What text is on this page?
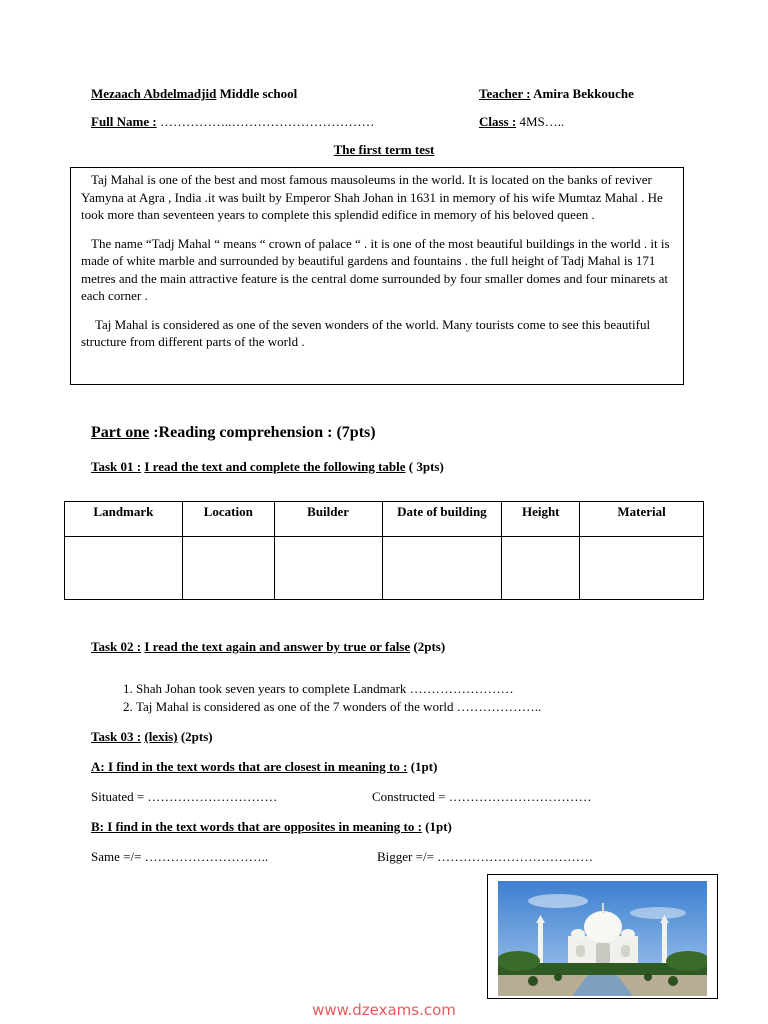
Mezaach Abdelmadjid Middle school	Teacher : Amira Bekkouche
Full Name : ……………..……………………………	Class : 4MS…..
The first term test

Taj Mahal is one of the best and most famous mausoleums in the world. It is located on the banks of reviver Yamyna at Agra , India .it was built by Emperor Shah Johan in 1631 in memory of his wife Mumtaz Mahal . He took more than seventeen years to complete this splendid edifice in memory of his beloved queen .

The name “Tadj Mahal “ means “ crown of palace “ . it is one of the most beautiful buildings in the world . it is made of white marble and surrounded by beautiful gardens and fountains . the full height of Tadj Mahal is 171 metres and the main attractive feature is the central dome surrounded by four smaller domes and four minarets at each corner .

Taj Mahal is considered as one of the seven wonders of the world. Many tourists come to see this beautiful structure from different parts of the world .

Part one :Reading comprehension : (7pts)
Task 01 : I read the text and complete the following table ( 3pts)
Landmark	Location	Builder	Date of building	Height	Material

Task 02 : I read the text again and answer by true or false (2pts)
1. Shah Johan took seven years to complete Landmark ……………………
2. Taj Mahal is considered as one of the 7 wonders of the world ………………..
Task 03 : (lexis) (2pts)
A: I find in the text words that are closest in meaning to : (1pt)
Situated = …………………………	Constructed = ……………………………
B: I find in the text words that are opposites in meaning to : (1pt)
Same =/= ………………………..	Bigger =/= ………………………………
www.dzexams.com
